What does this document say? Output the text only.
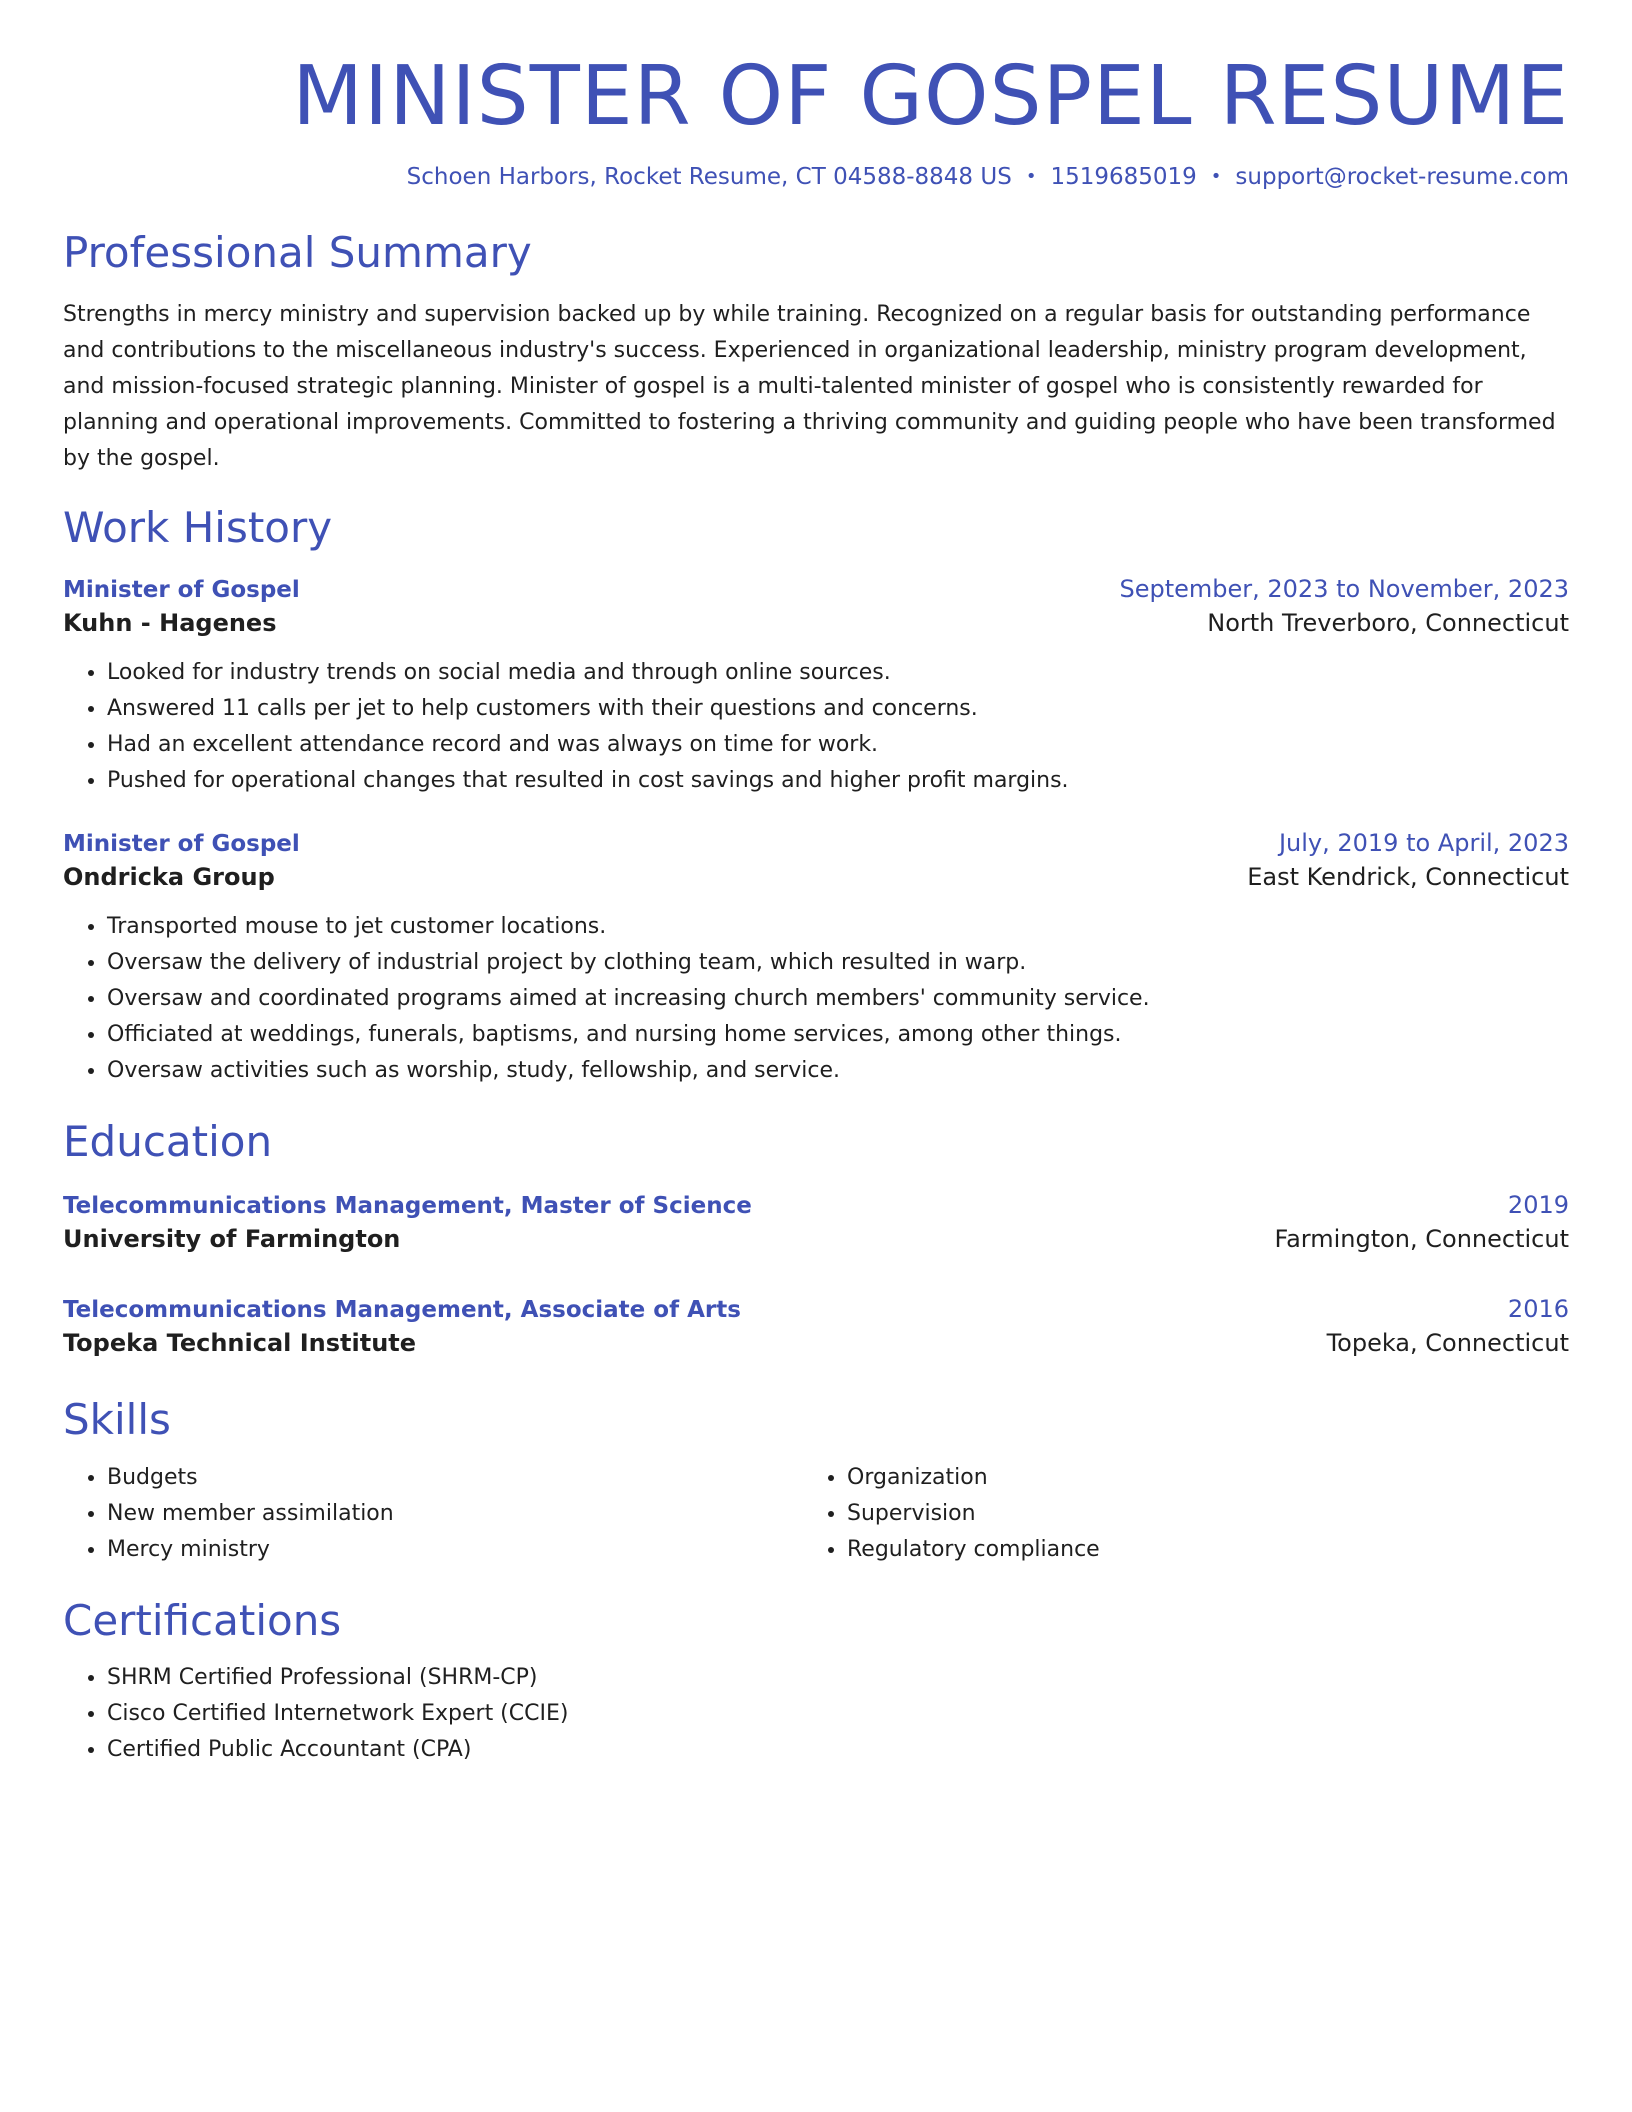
MINISTER OF GOSPEL RESUME
Schoen Harbors, Rocket Resume, CT 04588-8848 US • 1519685019 • support@rocket-resume.com
Professional Summary
Strengths in mercy ministry and supervision backed up by while training. Recognized on a regular basis for outstanding performance and contributions to the miscellaneous industry's success. Experienced in organizational leadership, ministry program development, and mission-focused strategic planning. Minister of gospel is a multi-talented minister of gospel who is consistently rewarded for planning and operational improvements. Committed to fostering a thriving community and guiding people who have been transformed by the gospel.
Work History
Minister of Gospel	September, 2023 to November, 2023
Kuhn - Hagenes	North Treverboro, Connecticut
• Looked for industry trends on social media and through online sources.
• Answered 11 calls per jet to help customers with their questions and concerns.
• Had an excellent attendance record and was always on time for work.
• Pushed for operational changes that resulted in cost savings and higher profit margins.
Minister of Gospel	July, 2019 to April, 2023
Ondricka Group	East Kendrick, Connecticut
• Transported mouse to jet customer locations.
• Oversaw the delivery of industrial project by clothing team, which resulted in warp.
• Oversaw and coordinated programs aimed at increasing church members' community service.
• Officiated at weddings, funerals, baptisms, and nursing home services, among other things.
• Oversaw activities such as worship, study, fellowship, and service.
Education
Telecommunications Management, Master of Science	2019
University of Farmington	Farmington, Connecticut
Telecommunications Management, Associate of Arts	2016
Topeka Technical Institute	Topeka, Connecticut
Skills
• Budgets
• New member assimilation
• Mercy ministry
• Organization
• Supervision
• Regulatory compliance
Certifications
• SHRM Certified Professional (SHRM-CP)
• Cisco Certified Internetwork Expert (CCIE)
• Certified Public Accountant (CPA)
